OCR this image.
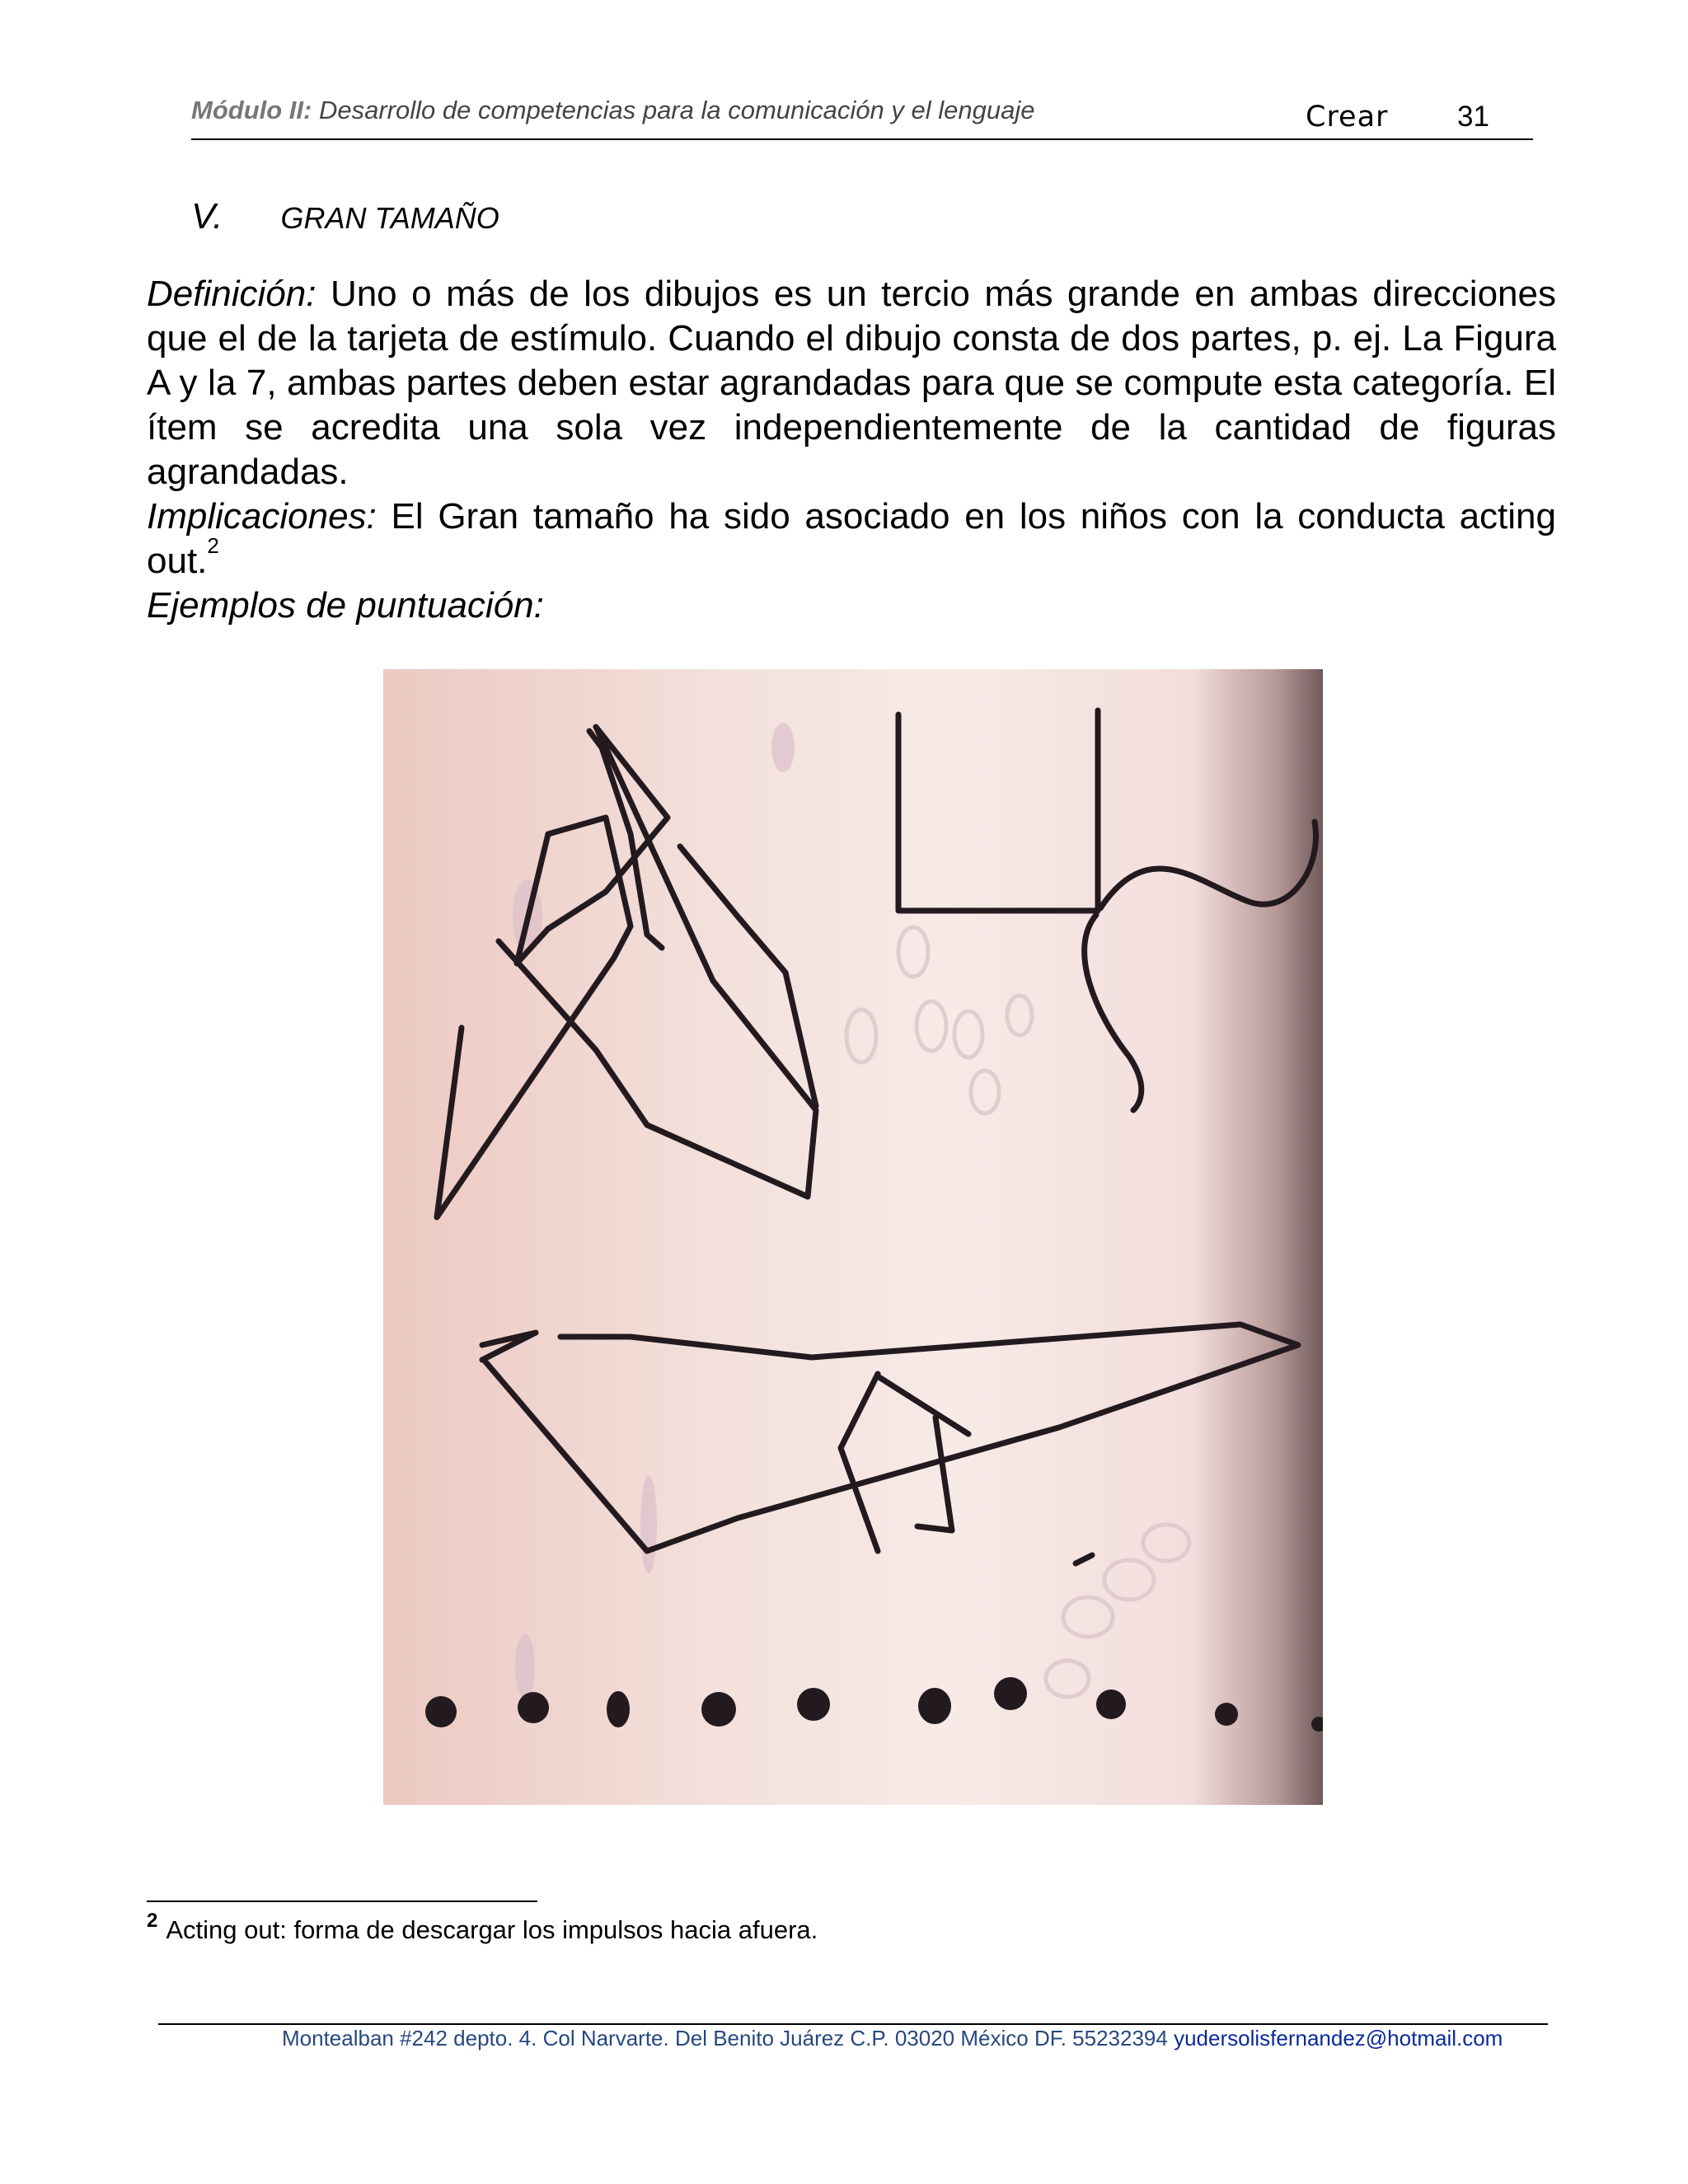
Módulo II: Desarrollo de competencias para la comunicación y el lenguaje	Crear 31
V. GRAN TAMAÑO

Definición: Uno o más de los dibujos es un tercio más grande en ambas direcciones que el de la tarjeta de estímulo. Cuando el dibujo consta de dos partes, p. ej. La Figura A y la 7, ambas partes deben estar agrandadas para que se compute esta categoría. El ítem se acredita una sola vez independientemente de la cantidad de figuras agrandadas.

Implicaciones: El Gran tamaño ha sido asociado en los niños con la conducta acting out.$^2$

Ejemplos de puntuación:

$^2$ Acting out: forma de descargar los impulsos hacia afuera.
Montealban #242 depto. 4. Col Narvarte. Del Benito Juárez C.P. 03020 México DF. 55232394 yudersolisfernandez@hotmail.com
